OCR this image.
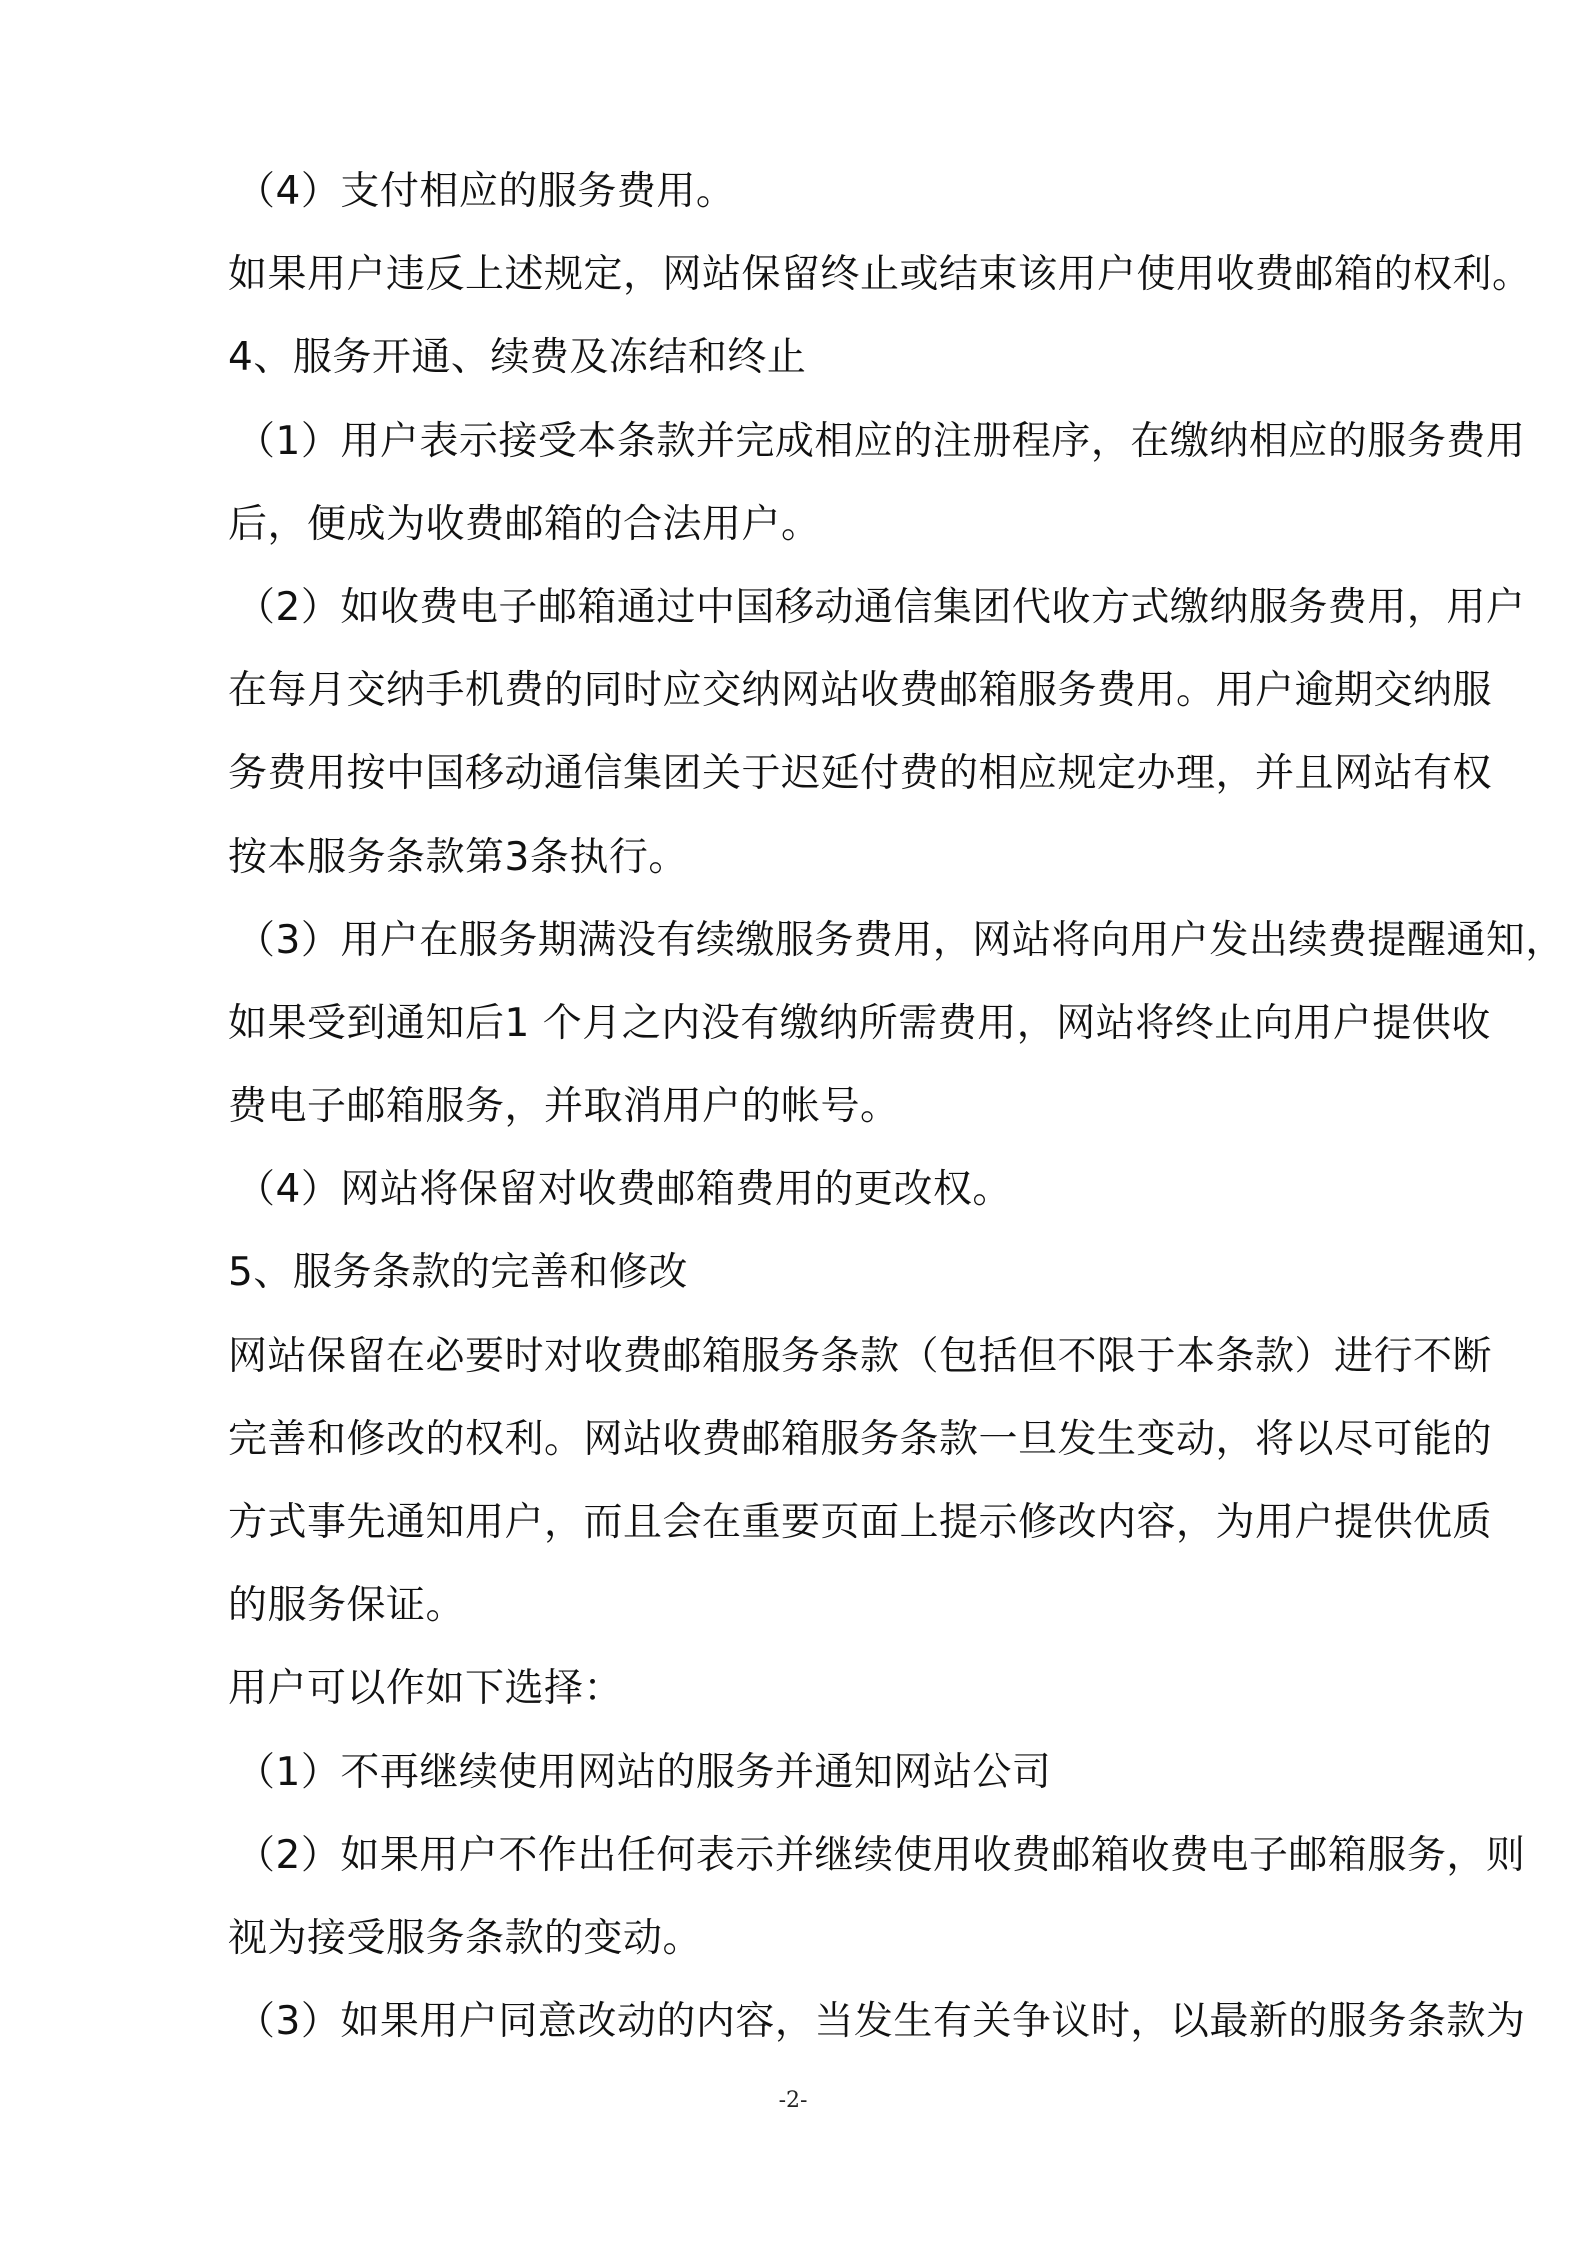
（4）支付相应的服务费用。
如果用户违反上述规定，网站保留终止或结束该用户使用收费邮箱的权利。
4、服务开通、续费及冻结和终止
（1）用户表示接受本条款并完成相应的注册程序，在缴纳相应的服务费用
后，便成为收费邮箱的合法用户。
（2）如收费电子邮箱通过中国移动通信集团代收方式缴纳服务费用，用户
在每月交纳手机费的同时应交纳网站收费邮箱服务费用。用户逾期交纳服
务费用按中国移动通信集团关于迟延付费的相应规定办理，并且网站有权
按本服务条款第3条执行。
（3）用户在服务期满没有续缴服务费用，网站将向用户发出续费提醒通知，
如果受到通知后1 个月之内没有缴纳所需费用，网站将终止向用户提供收
费电子邮箱服务，并取消用户的帐号。
（4）网站将保留对收费邮箱费用的更改权。
5、服务条款的完善和修改
网站保留在必要时对收费邮箱服务条款（包括但不限于本条款）进行不断
完善和修改的权利。网站收费邮箱服务条款一旦发生变动，将以尽可能的
方式事先通知用户，而且会在重要页面上提示修改内容，为用户提供优质
的服务保证。
用户可以作如下选择：
（1）不再继续使用网站的服务并通知网站公司
（2）如果用户不作出任何表示并继续使用收费邮箱收费电子邮箱服务，则
视为接受服务条款的变动。
（3）如果用户同意改动的内容，当发生有关争议时，以最新的服务条款为
-2-
